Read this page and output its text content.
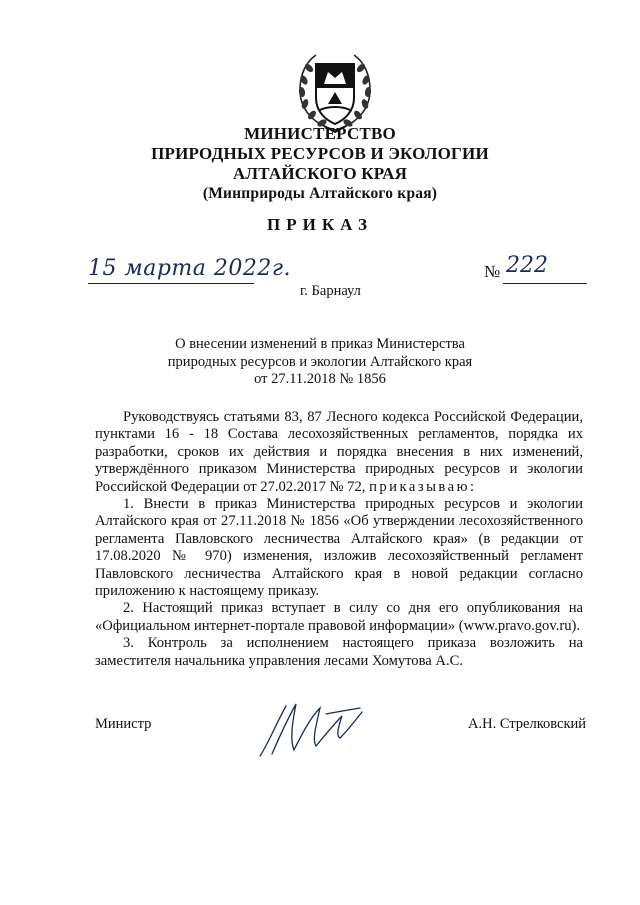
МИНИСТЕРСТВО
ПРИРОДНЫХ РЕСУРСОВ И ЭКОЛОГИИ
АЛТАЙСКОГО КРАЯ
(Минприроды Алтайского края)
ПРИКАЗ
15 марта 2022г.	№ 222
г. Барнаул
О внесении изменений в приказ Министерства
природных ресурсов и экологии Алтайского края
от 27.11.2018 № 1856

Руководствуясь статьями 83, 87 Лесного кодекса Российской Федерации, пунктами 16 - 18 Состава лесохозяйственных регламентов, порядка их разработки, сроков их действия и порядка внесения в них изменений, утверждённого приказом Министерства природных ресурсов и экологии Российской Федерации от 27.02.2017 № 72, приказываю:

1. Внести в приказ Министерства природных ресурсов и экологии Алтайского края от 27.11.2018 № 1856 «Об утверждении лесохозяйственного регламента Павловского лесничества Алтайского края» (в редакции от 17.08.2020 № 970) изменения, изложив лесохозяйственный регламент Павловского лесничества Алтайского края в новой редакции согласно приложению к настоящему приказу.

2. Настоящий приказ вступает в силу со дня его опубликования на «Официальном интернет-портале правовой информации» (www.pravo.gov.ru).

3. Контроль за исполнением настоящего приказа возложить на заместителя начальника управления лесами Хомутова А.С.

Министр	А.Н. Стрелковский
